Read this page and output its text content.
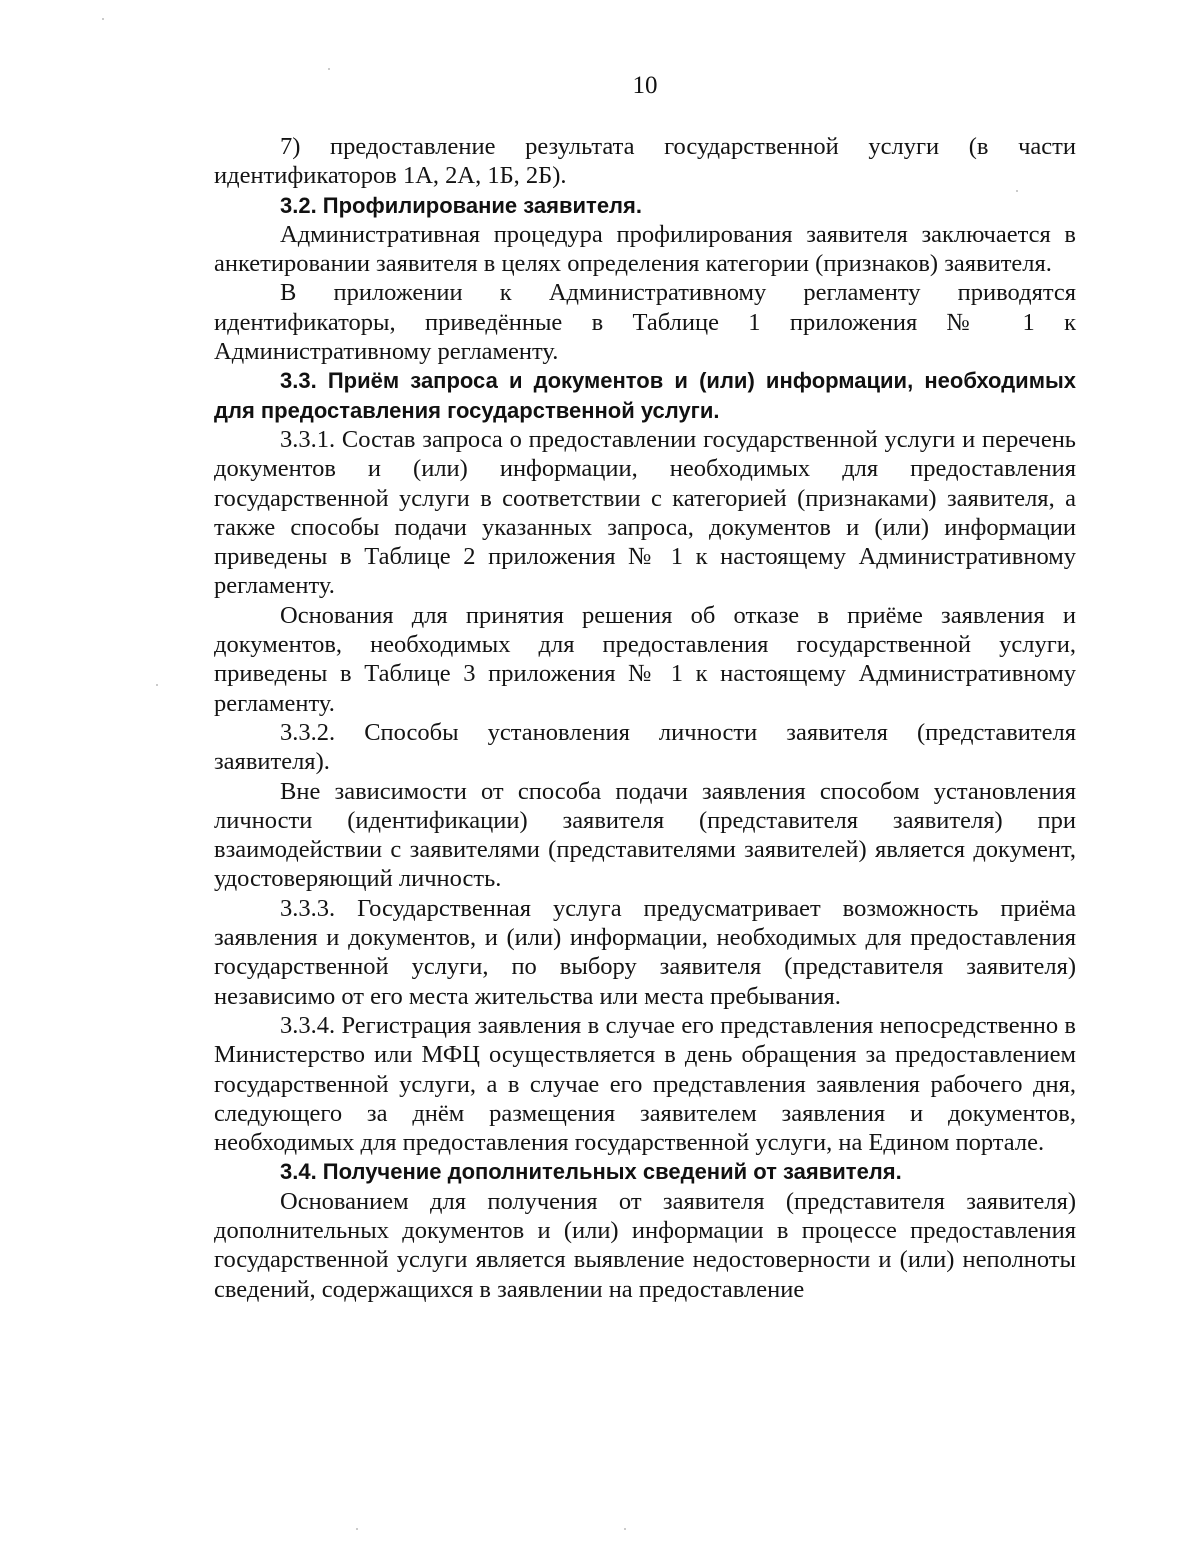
10

7) предоставление результата государственной услуги (в части идентификаторов 1А, 2А, 1Б, 2Б).

3.2. Профилирование заявителя.

Административная процедура профилирования заявителя заключается в анкетировании заявителя в целях определения категории (признаков) заявителя.

В приложении к Административному регламенту приводятся идентификаторы, приведённые в Таблице 1 приложения № 1 к Административному регламенту.

3.3. Приём запроса и документов и (или) информации, необходимых для предоставления государственной услуги.

3.3.1. Состав запроса о предоставлении государственной услуги и перечень документов и (или) информации, необходимых для предоставления государственной услуги в соответствии с категорией (признаками) заявителя, а также способы подачи указанных запроса, документов и (или) информации приведены в Таблице 2 приложения № 1 к настоящему Административному регламенту.

Основания для принятия решения об отказе в приёме заявления и документов, необходимых для предоставления государственной услуги, приведены в Таблице 3 приложения № 1 к настоящему Административному регламенту.

3.3.2. Способы установления личности заявителя (представителя заявителя).

Вне зависимости от способа подачи заявления способом установления личности (идентификации) заявителя (представителя заявителя) при взаимодействии с заявителями (представителями заявителей) является документ, удостоверяющий личность.

3.3.3. Государственная услуга предусматривает возможность приёма заявления и документов, и (или) информации, необходимых для предоставления государственной услуги, по выбору заявителя (представителя заявителя) независимо от его места жительства или места пребывания.

3.3.4. Регистрация заявления в случае его представления непосредственно в Министерство или МФЦ осуществляется в день обращения за предоставлением государственной услуги, а в случае его представления заявления рабочего дня, следующего за днём размещения заявителем заявления и документов, необходимых для предоставления государственной услуги, на Едином портале.

3.4. Получение дополнительных сведений от заявителя.

Основанием для получения от заявителя (представителя заявителя) дополнительных документов и (или) информации в процессе предоставления государственной услуги является выявление недостоверности и (или) неполноты сведений, содержащихся в заявлении на предоставление
